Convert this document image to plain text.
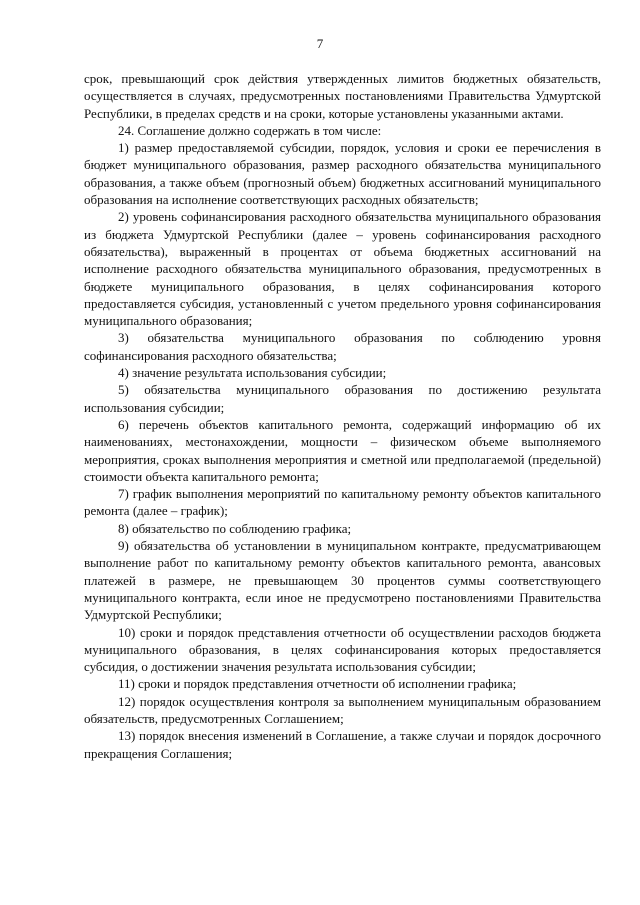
7

срок, превышающий срок действия утвержденных лимитов бюджетных обязательств, осуществляется в случаях, предусмотренных постановлениями Правительства Удмуртской Республики, в пределах средств и на сроки, которые установлены указанными актами.

24. Соглашение должно содержать в том числе:

1) размер предоставляемой субсидии, порядок, условия и сроки ее перечисления в бюджет муниципального образования, размер расходного обязательства муниципального образования, а также объем (прогнозный объем) бюджетных ассигнований муниципального образования на исполнение соответствующих расходных обязательств;

2) уровень софинансирования расходного обязательства муниципального образования из бюджета Удмуртской Республики (далее – уровень софинансирования расходного обязательства), выраженный в процентах от объема бюджетных ассигнований на исполнение расходного обязательства муниципального образования, предусмотренных в бюджете муниципального образования, в целях софинансирования которого предоставляется субсидия, установленный с учетом предельного уровня софинансирования муниципального образования;

3) обязательства муниципального образования по соблюдению уровня софинансирования расходного обязательства;

4) значение результата использования субсидии;

5) обязательства муниципального образования по достижению результата использования субсидии;

6) перечень объектов капитального ремонта, содержащий информацию об их наименованиях, местонахождении, мощности – физическом объеме выполняемого мероприятия, сроках выполнения мероприятия и сметной или предполагаемой (предельной) стоимости объекта капитального ремонта;

7) график выполнения мероприятий по капитальному ремонту объектов капитального ремонта (далее – график);

8) обязательство по соблюдению графика;

9) обязательства об установлении в муниципальном контракте, предусматривающем выполнение работ по капитальному ремонту объектов капитального ремонта, авансовых платежей в размере, не превышающем 30 процентов суммы соответствующего муниципального контракта, если иное не предусмотрено постановлениями Правительства Удмуртской Республики;

10) сроки и порядок представления отчетности об осуществлении расходов бюджета муниципального образования, в целях софинансирования которых предоставляется субсидия, о достижении значения результата использования субсидии;

11) сроки и порядок представления отчетности об исполнении графика;

12) порядок осуществления контроля за выполнением муниципальным образованием обязательств, предусмотренных Соглашением;

13) порядок внесения изменений в Соглашение, а также случаи и порядок досрочного прекращения Соглашения;
